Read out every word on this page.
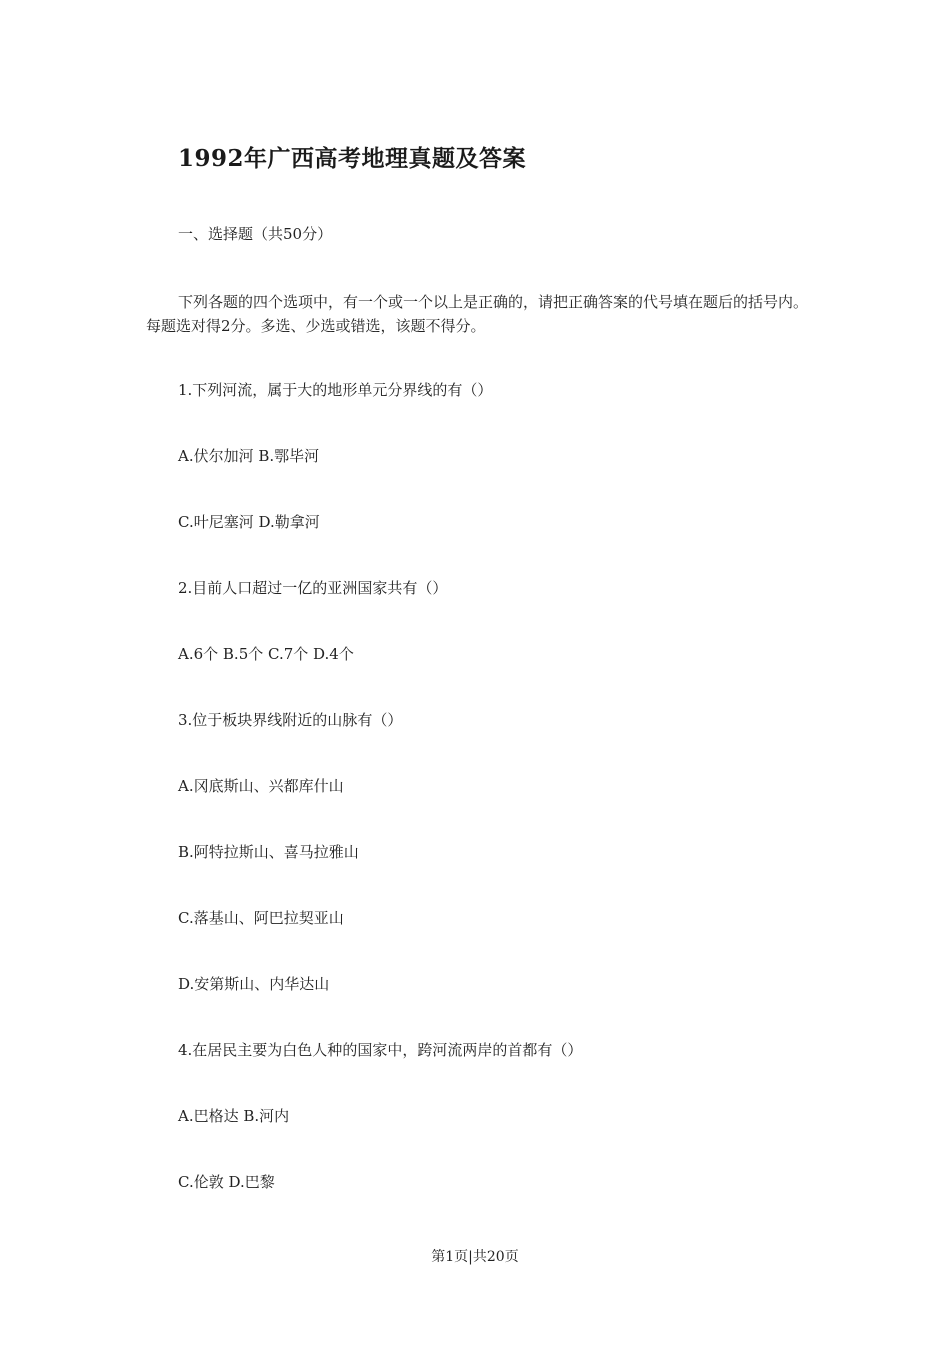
1992年广西高考地理真题及答案
一、选择题（共50分）
下列各题的四个选项中，有一个或一个以上是正确的，请把正确答案的代号填在题后的括号内。每题选对得2分。多选、少选或错选，该题不得分。
1.下列河流，属于大的地形单元分界线的有（）
A.伏尔加河 B.鄂毕河
C.叶尼塞河 D.勒拿河
2.目前人口超过一亿的亚洲国家共有（）
A.6个 B.5个 C.7个 D.4个
3.位于板块界线附近的山脉有（）
A.冈底斯山、兴都库什山
B.阿特拉斯山、喜马拉雅山
C.落基山、阿巴拉契亚山
D.安第斯山、内华达山
4.在居民主要为白色人种的国家中，跨河流两岸的首都有（）
A.巴格达 B.河内
C.伦敦 D.巴黎
第1页|共20页
